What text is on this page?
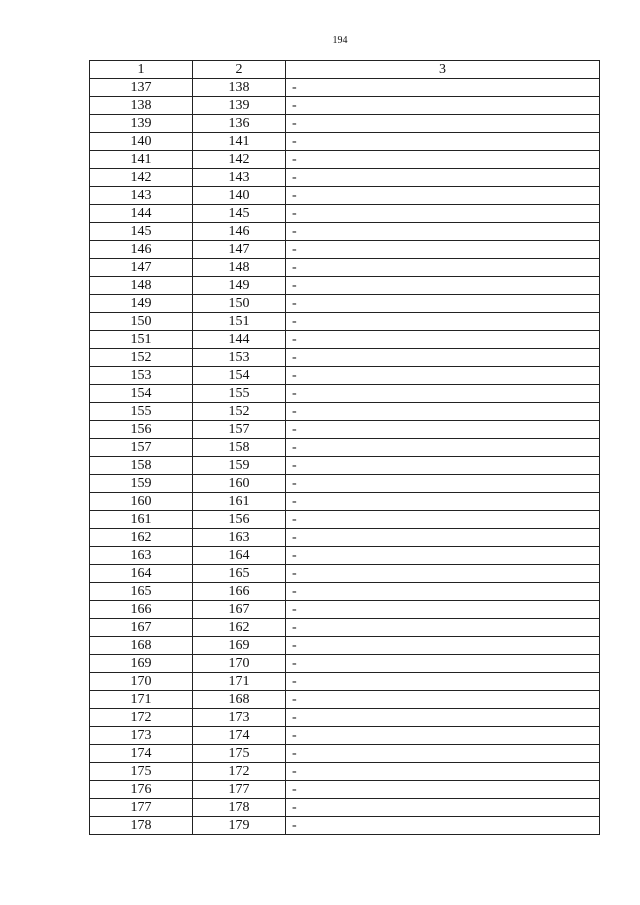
194
1	2	3
137	138	-
138	139	-
139	136	-
140	141	-
141	142	-
142	143	-
143	140	-
144	145	-
145	146	-
146	147	-
147	148	-
148	149	-
149	150	-
150	151	-
151	144	-
152	153	-
153	154	-
154	155	-
155	152	-
156	157	-
157	158	-
158	159	-
159	160	-
160	161	-
161	156	-
162	163	-
163	164	-
164	165	-
165	166	-
166	167	-
167	162	-
168	169	-
169	170	-
170	171	-
171	168	-
172	173	-
173	174	-
174	175	-
175	172	-
176	177	-
177	178	-
178	179	-
